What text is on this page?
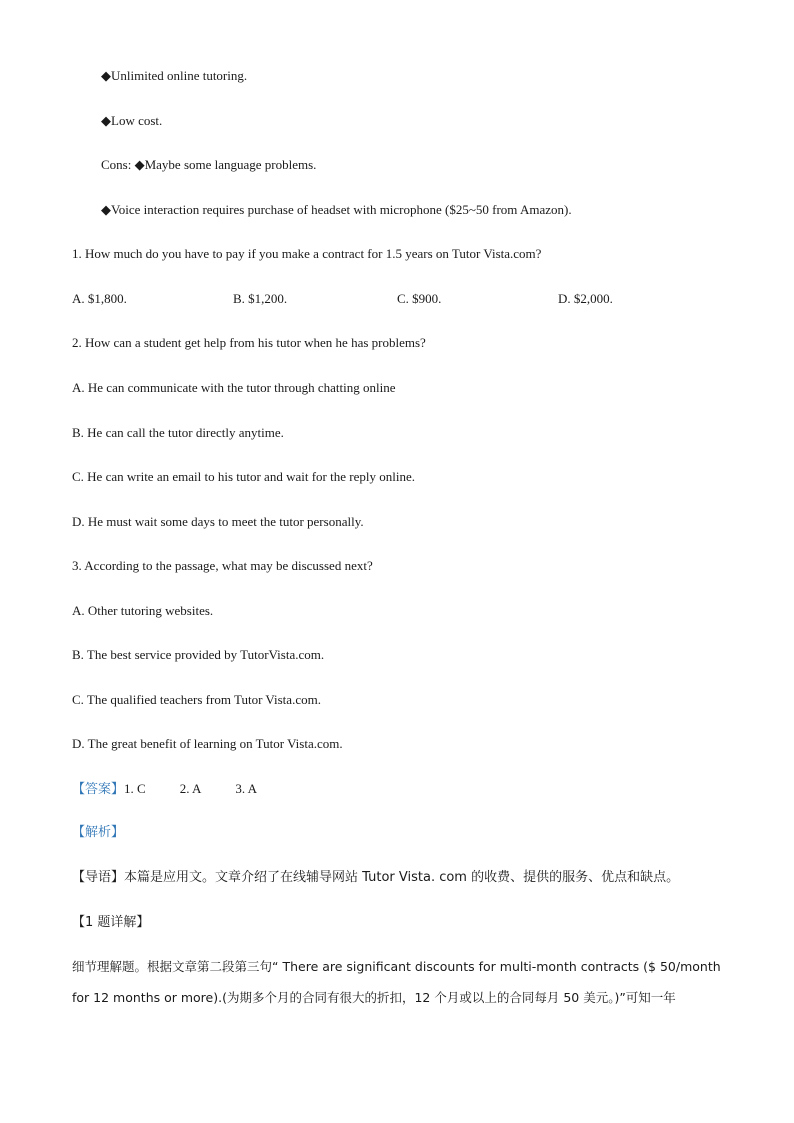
◆Unlimited online tutoring.
◆Low cost.
Cons: ◆Maybe some language problems.
◆Voice interaction requires purchase of headset with microphone ($25~50 from Amazon).
1. How much do you have to pay if you make a contract for 1.5 years on Tutor Vista.com?
A. $1,800.	B. $1,200.	C. $900.	D. $2,000.
2. How can a student get help from his tutor when he has problems?
A. He can communicate with the tutor through chatting online
B. He can call the tutor directly anytime.
C. He can write an email to his tutor and wait for the reply online.
D. He must wait some days to meet the tutor personally.
3. According to the passage, what may be discussed next?
A. Other tutoring websites.
B. The best service provided by TutorVista.com.
C. The qualified teachers from Tutor Vista.com.
D. The great benefit of learning on Tutor Vista.com.
【答案】1. C	2. A	3. A
【解析】
【导语】本篇是应用文。文章介绍了在线辅导网站 Tutor Vista. com 的收费、提供的服务、优点和缺点。
【1 题详解】
细节理解题。根据文章第二段第三句“ There are significant discounts for multi-month contracts ($ 50/month
for 12 months or more).(为期多个月的合同有很大的折扣，12 个月或以上的合同每月 50 美元。)”可知一年
